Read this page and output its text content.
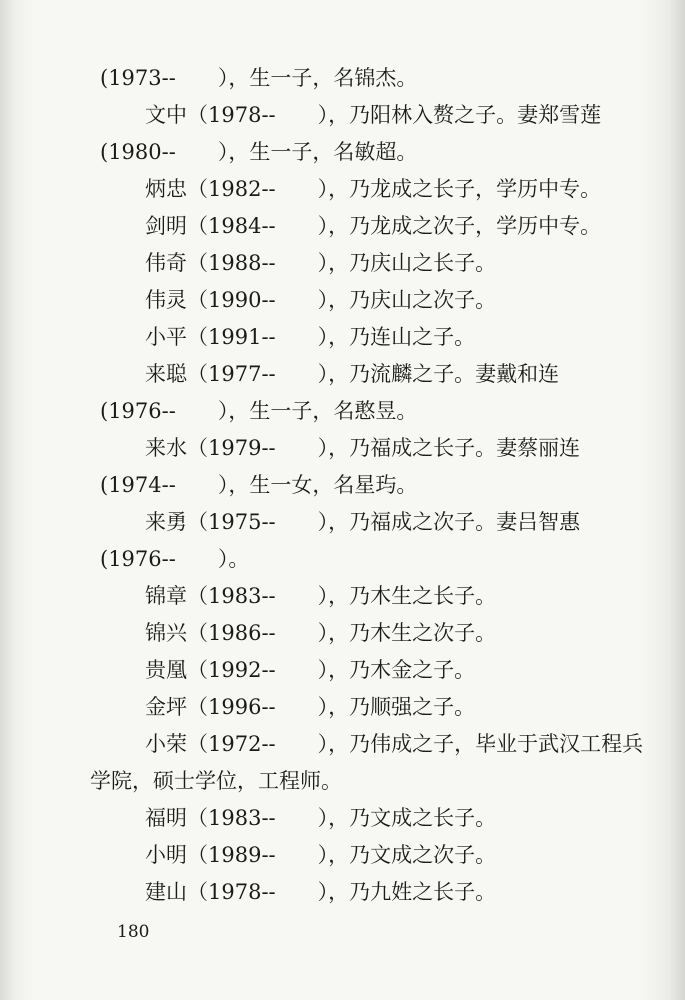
(1973--　　），生一子，名锦杰。
文中（1978--　　），乃阳林入赘之子。妻郑雪莲
(1980--　　），生一子，名敏超。
炳忠（1982--　　），乃龙成之长子，学历中专。
剑明（1984--　　），乃龙成之次子，学历中专。
伟奇（1988--　　），乃庆山之长子。
伟灵（1990--　　），乃庆山之次子。
小平（1991--　　），乃连山之子。
来聪（1977--　　），乃流麟之子。妻戴和连
(1976--　　），生一子，名憨昱。
来水（1979--　　），乃福成之长子。妻蔡丽连
(1974--　　），生一女，名星玙。
来勇（1975--　　），乃福成之次子。妻吕智惠
(1976--　　）。
锦章（1983--　　），乃木生之长子。
锦兴（1986--　　），乃木生之次子。
贵凰（1992--　　），乃木金之子。
金坪（1996--　　），乃顺强之子。
小荣（1972--　　），乃伟成之子，毕业于武汉工程兵
学院，硕士学位，工程师。
福明（1983--　　），乃文成之长子。
小明（1989--　　），乃文成之次子。
建山（1978--　　），乃九姓之长子。
180
